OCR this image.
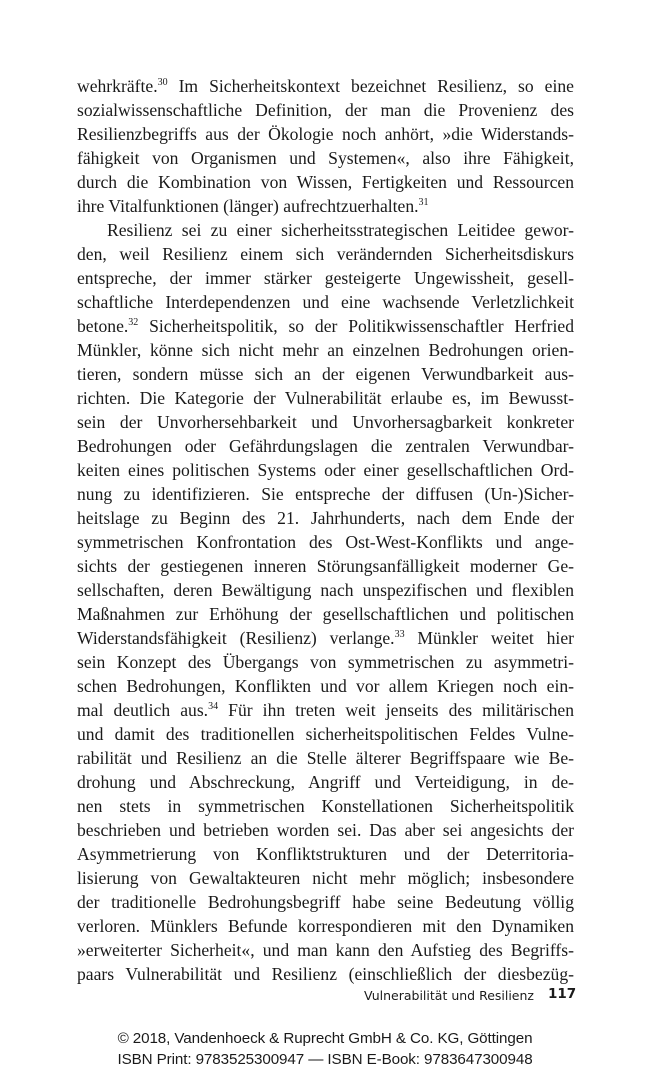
wehrkräfte.$^{30}$ Im Sicherheitskontext bezeichnet Resilienz, so eine
sozialwissenschaftliche Definition, der man die Provenienz des
Resilienzbegriffs aus der Ökologie noch anhört, »die Widerstands-
fähigkeit von Organismen und Systemen«, also ihre Fähigkeit,
durch die Kombination von Wissen, Fertigkeiten und Ressourcen
ihre Vitalfunktionen (länger) aufrechtzuerhalten.$^{31}$
Resilienz sei zu einer sicherheitsstrategischen Leitidee gewor-
den, weil Resilienz einem sich verändernden Sicherheitsdiskurs
entspreche, der immer stärker gesteigerte Ungewissheit, gesell-
schaftliche Interdependenzen und eine wachsende Verletzlichkeit
betone.$^{32}$ Sicherheitspolitik, so der Politikwissenschaftler Herfried
Münkler, könne sich nicht mehr an einzelnen Bedrohungen orien-
tieren, sondern müsse sich an der eigenen Verwundbarkeit aus-
richten. Die Kategorie der Vulnerabilität erlaube es, im Bewusst-
sein der Unvorhersehbarkeit und Unvorhersagbarkeit konkreter
Bedrohungen oder Gefährdungslagen die zentralen Verwundbar-
keiten eines politischen Systems oder einer gesellschaftlichen Ord-
nung zu identifizieren. Sie entspreche der diffusen (Un-)Sicher-
heitslage zu Beginn des 21. Jahrhunderts, nach dem Ende der
symmetrischen Konfrontation des Ost-West-Konflikts und ange-
sichts der gestiegenen inneren Störungsanfälligkeit moderner Ge-
sellschaften, deren Bewältigung nach unspezifischen und flexiblen
Maßnahmen zur Erhöhung der gesellschaftlichen und politischen
Widerstandsfähigkeit (Resilienz) verlange.$^{33}$ Münkler weitet hier
sein Konzept des Übergangs von symmetrischen zu asymmetri-
schen Bedrohungen, Konflikten und vor allem Kriegen noch ein-
mal deutlich aus.$^{34}$ Für ihn treten weit jenseits des militärischen
und damit des traditionellen sicherheitspolitischen Feldes Vulne-
rabilität und Resilienz an die Stelle älterer Begriffspaare wie Be-
drohung und Abschreckung, Angriff und Verteidigung, in de-
nen stets in symmetrischen Konstellationen Sicherheitspolitik
beschrieben und betrieben worden sei. Das aber sei angesichts der
Asymmetrierung von Konfliktstrukturen und der Deterritoria-
lisierung von Gewaltakteuren nicht mehr möglich; insbesondere
der traditionelle Bedrohungsbegriff habe seine Bedeutung völlig
verloren. Münklers Befunde korrespondieren mit den Dynamiken
»erweiterter Sicherheit«, und man kann den Aufstieg des Begriffs-
paars Vulnerabilität und Resilienz (einschließlich der diesbezüg-
Vulnerabilität und Resilienz 117
© 2018, Vandenhoeck & Ruprecht GmbH & Co. KG, Göttingen
ISBN Print: 9783525300947 — ISBN E-Book: 9783647300948
